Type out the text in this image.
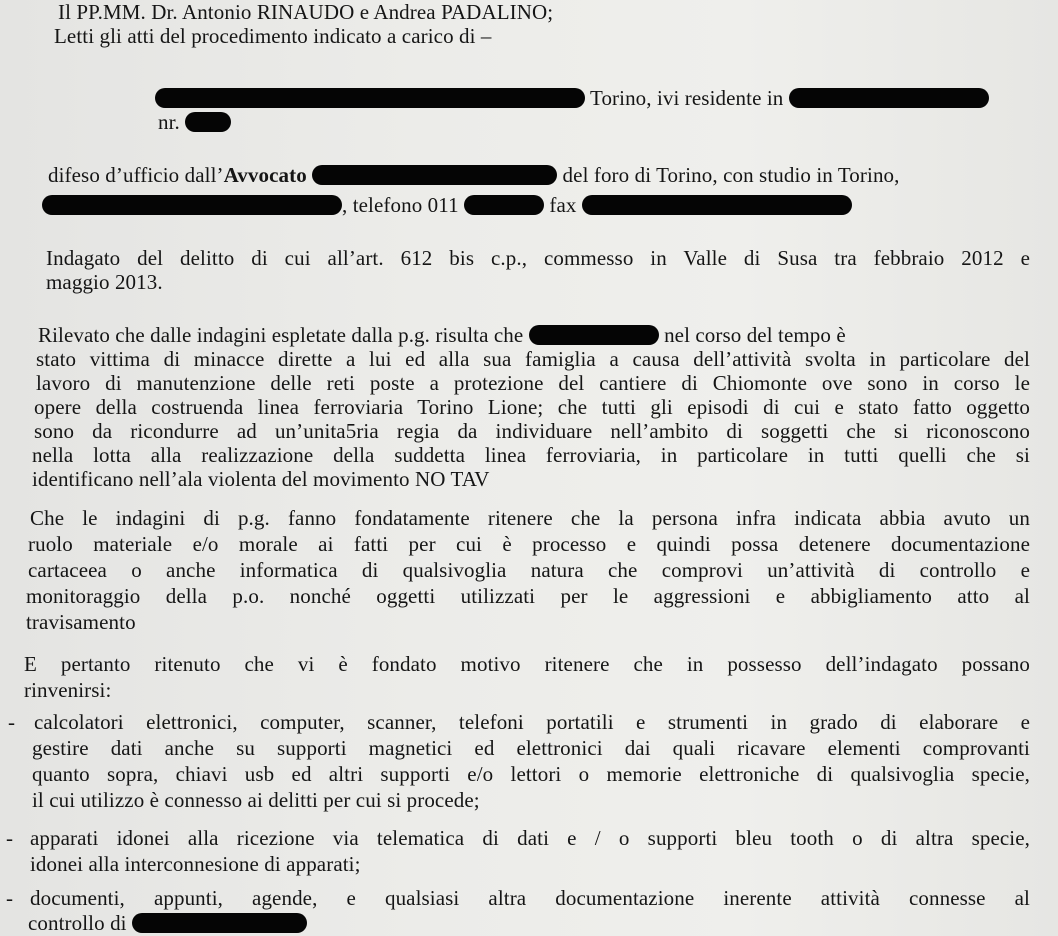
Il PP.MM. Dr. Antonio RINAUDO e Andrea PADALINO;
Letti gli atti del procedimento indicato a carico di –
Torino, ivi residente in
nr.
difeso d’ufficio dall’Avvocato	del foro di Torino, con studio in Torino,
, telefono 011	fax
Indagato del delitto di cui all’art. 612 bis c.p., commesso in Valle di Susa tra febbraio 2012 e
maggio 2013.
Rilevato che dalle indagini espletate dalla p.g. risulta che	nel corso del tempo è
stato vittima di minacce dirette a lui ed alla sua famiglia a causa dell’attività svolta in particolare del
lavoro di manutenzione delle reti poste a protezione del cantiere di Chiomonte ove sono in corso le
opere della costruenda linea ferroviaria Torino Lione; che tutti gli episodi di cui e stato fatto oggetto
sono da ricondurre ad un’unita5ria regia da individuare nell’ambito di soggetti che si riconoscono
nella lotta alla realizzazione della suddetta linea ferroviaria, in particolare in tutti quelli che si
identificano nell’ala violenta del movimento NO TAV
Che le indagini di p.g. fanno fondatamente ritenere che la persona infra indicata abbia avuto un
ruolo materiale e/o morale ai fatti per cui è processo e quindi possa detenere documentazione
cartaceea o anche informatica di qualsivoglia natura che comprovi un’attività di controllo e
monitoraggio della p.o. nonché oggetti utilizzati per le aggressioni e abbigliamento atto al
travisamento
E pertanto ritenuto che vi è fondato motivo ritenere che in possesso dell’indagato possano
rinvenirsi:
- calcolatori elettronici, computer, scanner, telefoni portatili e strumenti in grado di elaborare e
gestire dati anche su supporti magnetici ed elettronici dai quali ricavare elementi comprovanti
quanto sopra, chiavi usb ed altri supporti e/o lettori o memorie elettroniche di qualsivoglia specie,
il cui utilizzo è connesso ai delitti per cui si procede;
- apparati idonei alla ricezione via telematica di dati e / o supporti bleu tooth o di altra specie,
idonei alla interconnesione di apparati;
- documenti, appunti, agende, e qualsiasi altra documentazione inerente attività connesse al
controllo di
